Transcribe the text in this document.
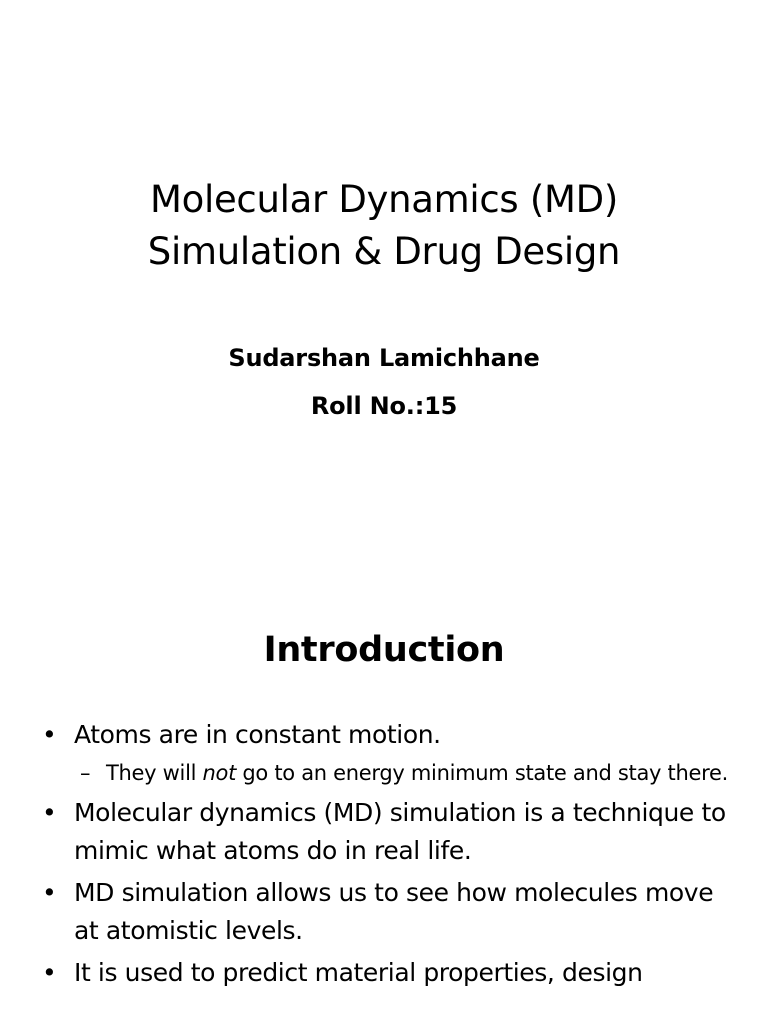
Molecular Dynamics (MD)
Simulation & Drug Design
Sudarshan Lamichhane
Roll No.:15
Introduction
• Atoms are in constant motion.
– They will not go to an energy minimum state and stay there.
• Molecular dynamics (MD) simulation is a technique to mimic what atoms do in real life.
• MD simulation allows us to see how molecules move at atomistic levels.
• It is used to predict material properties, design
